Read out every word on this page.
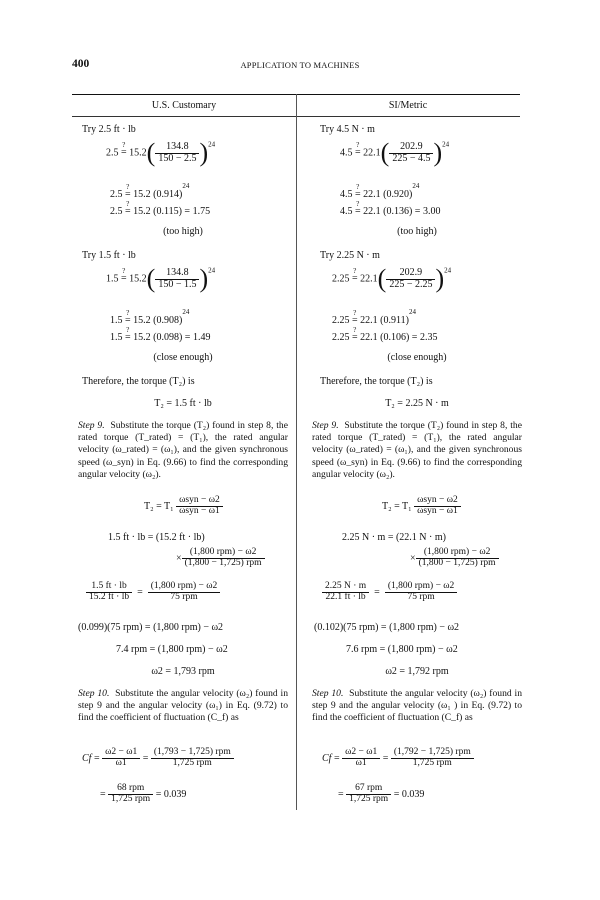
400	APPLICATION TO MACHINES
U.S. Customary	SI/Metric
Try 2.5 ft · lb
2.5
?
= $15.2( \frac{134.8}{150 - 2.5} )^{24}$
2.5
?
= 15.2 $(0.914)^{24}$
2.5
?
= 15.2 (0.115) = 1.75
(too high)
Try 1.5 ft · lb
1.5
?
= $15.2( \frac{134.8}{150 - 1.5} )^{24}$
1.5
?
= 15.2 $(0.908)^{24}$
1.5
?
= 15.2 (0.098) = 1.49
(close enough)
Therefore, the torque (T₂) is
T₂ = 1.5 ft · lb
Step 9. Substitute the torque (T₂) found in step 8, the rated torque (T_rated) = (T₁), the rated angular velocity (ω_rated) = (ω₁), and the given synchronous speed (ω_syn) in Eq. (9.66) to find the corresponding angular velocity (ω₂).
$T_2 = T_1 \frac{\text{ωsyn − ω2}}{\text{ωsyn − ω1}}$
1.5 ft · lb = (15.2 ft · lb)
× $\frac{\text{(1,800 rpm) − ω2}}{\text{(1,800 − 1,725) rpm}}$
$\frac{1.5 ft \cdot lb}{15.2 ft \cdot lb} = \frac{\text{(1,800 rpm) − ω2}}{\text{75 rpm}}$
(0.099)(75 rpm) = (1,800 rpm) − ω2
7.4 rpm = (1,800 rpm) − ω2
ω2 = 1,793 rpm
Step 10. Substitute the angular velocity (ω₂) found in step 9 and the angular velocity (ω₁) in Eq. (9.72) to find the coefficient of fluctuation (C_f) as
$Cf = \frac{\omega 2 - \omega 1}{\omega 1} = \frac{\text{(1,793 − 1,725) rpm}}{\text{1,725 rpm}}$
= $\frac{\text{68 rpm}}{\text{1,725 rpm}} = 0.039$
Try 4.5 N · m
4.5
?
= $22.1( \frac{202.9}{225 - 4.5} )^{24}$
4.5
?
= 22.1 $(0.920)^{24}$
4.5
?
= 22.1 (0.136) = 3.00
(too high)
Try 2.25 N · m
2.25
?
= $22.1( \frac{202.9}{225 - 2.25} )^{24}$
2.25
?
= 22.1 $(0.911)^{24}$
2.25
?
= 22.1 (0.106) = 2.35
(close enough)
Therefore, the torque (T₂) is
T₂ = 2.25 N · m
Step 9. Substitute the torque (T₂) found in step 8, the rated torque (T_rated) = (T₁), the rated angular velocity (ω_rated) = (ω₁), and the given synchronous speed (ω_syn) in Eq. (9.66) to find the corresponding angular velocity (ω₂).
$T_2 = T_1 \frac{\text{ωsyn − ω2}}{\text{ωsyn − ω1}}$
2.25 N · m = (22.1 N · m)
× $\frac{\text{(1,800 rpm) − ω2}}{\text{(1,800 − 1,725) rpm}}$
$\frac{2.25 N \cdot m}{22.1 ft \cdot lb} = \frac{\text{(1,800 rpm) − ω2}}{\text{75 rpm}}$
(0.102)(75 rpm) = (1,800 rpm) − ω2
7.6 rpm = (1,800 rpm) − ω2
ω2 = 1,792 rpm
Step 10. Substitute the angular velocity (ω₂) found in step 9 and the angular velocity (ω₁ ) in Eq. (9.72) to find the coefficient of fluctuation (C_f) as
$Cf = \frac{\omega 2 - \omega 1}{\omega 1} = \frac{\text{(1,792 − 1,725) rpm}}{\text{1,725 rpm}}$
= $\frac{\text{67 rpm}}{\text{1,725 rpm}} = 0.039$
